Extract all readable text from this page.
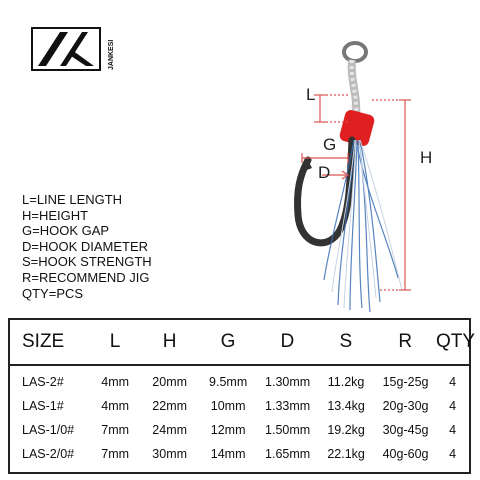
JANKESI
L
G
D
H
L=LINE LENGTH
H=HEIGHT
G=HOOK GAP
D=HOOK DIAMETER
S=HOOK STRENGTH
R=RECOMMEND JIG
QTY=PCS
SIZE	L	H	G	D	S	R	QTY
LAS-2#	4mm	20mm	9.5mm	1.30mm	11.2kg	15g-25g	4
LAS-1#	4mm	22mm	10mm	1.33mm	13.4kg	20g-30g	4
LAS-1/0#	7mm	24mm	12mm	1.50mm	19.2kg	30g-45g	4
LAS-2/0#	7mm	30mm	14mm	1.65mm	22.1kg	40g-60g	4
